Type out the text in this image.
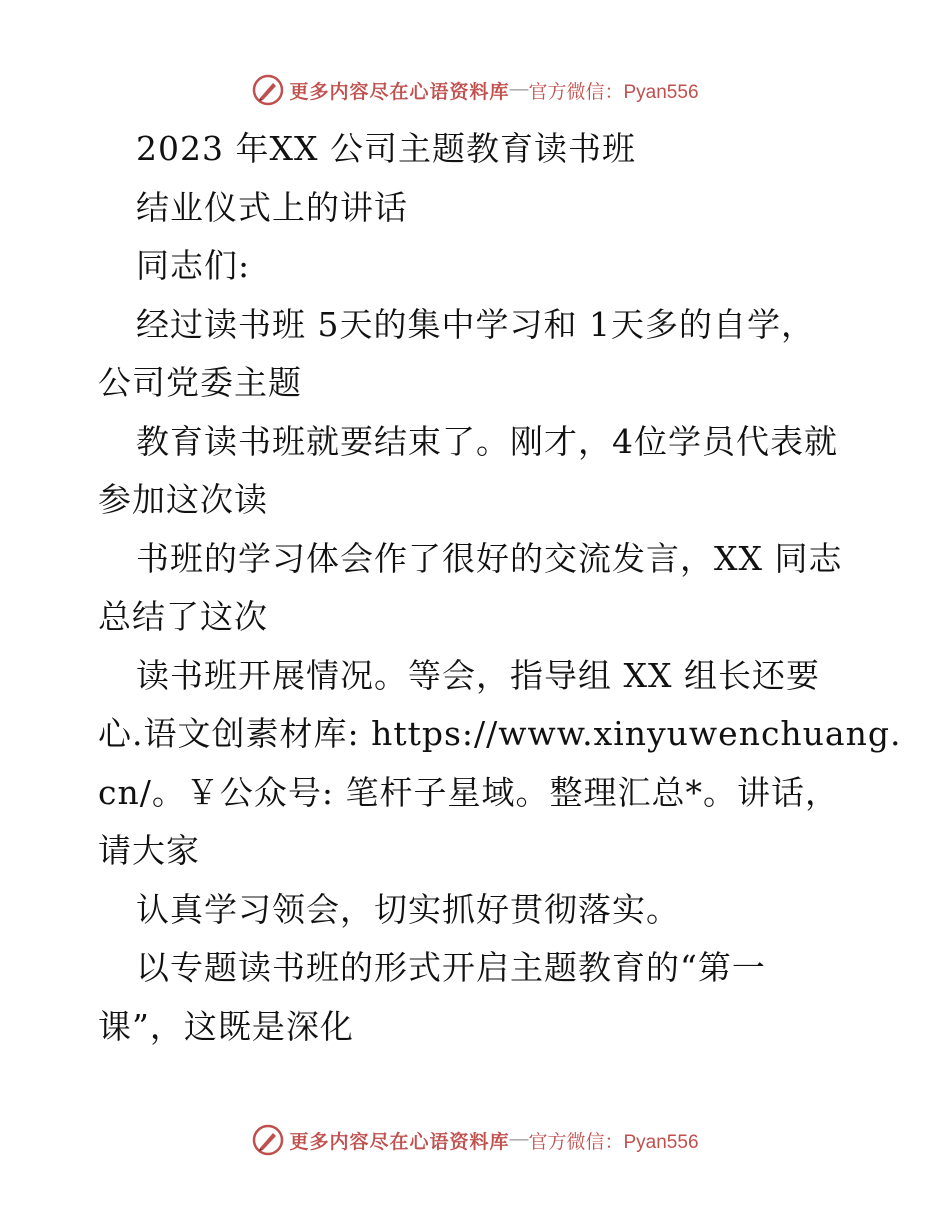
更多内容尽在心语资料库 — 官方微信：Pyan556
2023 年XX 公司主题教育读书班
结业仪式上的讲话
同志们:
经过读书班 5天的集中学习和 1天多的自学，
公司党委主题
教育读书班就要结束了。刚才，4位学员代表就
参加这次读
书班的学习体会作了很好的交流发言，XX 同志
总结了这次
读书班开展情况。等会，指导组 XX 组长还要
心.语文创素材库: https://www.xinyuwenchuang.
cn/。￥公众号: 笔杆子星域。整理汇总*。讲话，
请大家
认真学习领会，切实抓好贯彻落实。
以专题读书班的形式开启主题教育的“第一
课”，这既是深化
更多内容尽在心语资料库 — 官方微信：Pyan556
